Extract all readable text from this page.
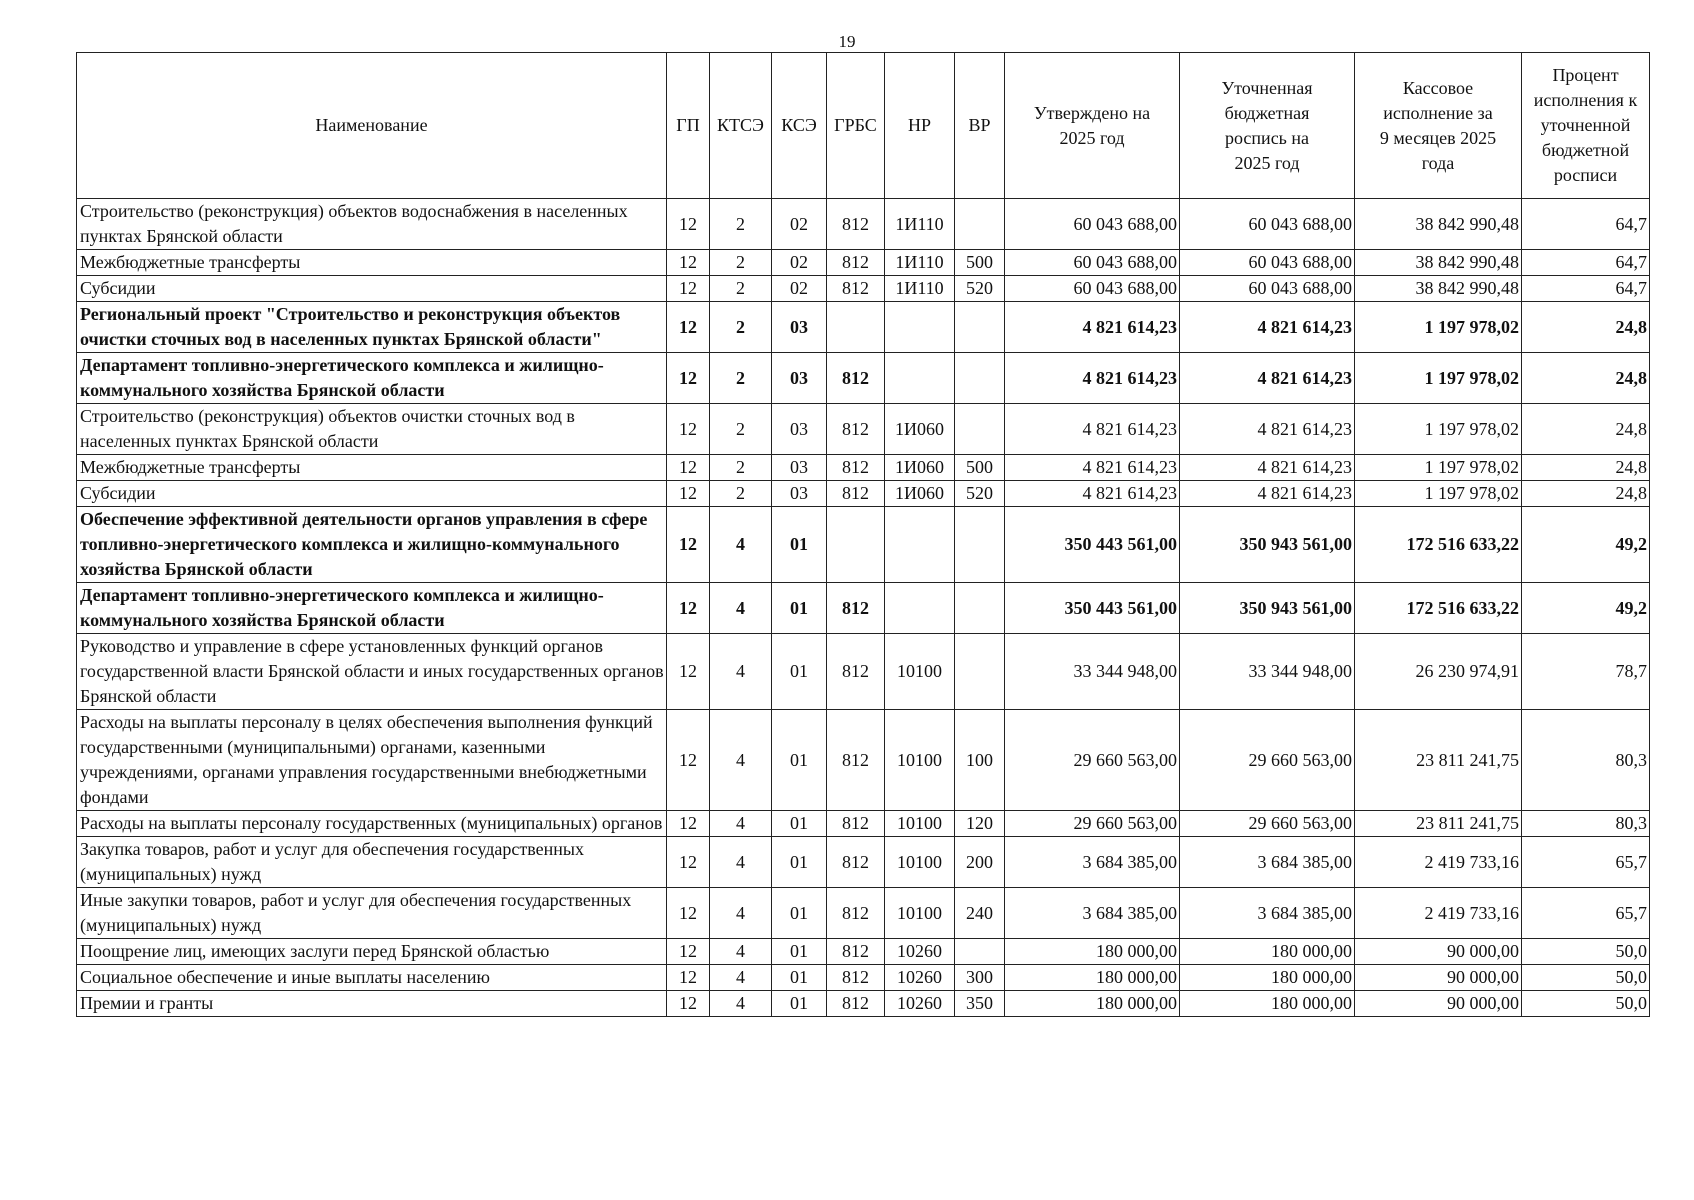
19
Наименование	ГП	КТСЭ	КСЭ	ГРБС	НР	ВР	Утверждено на 2025 год	Уточненная бюджетная роспись на 2025 год	Кассовое исполнение за 9 месяцев 2025 года	Процент исполнения к уточненной бюджетной росписи
Строительство (реконструкция) объектов водоснабжения в населенных пунктах Брянской области	12	2	02	812	1И110		60 043 688,00	60 043 688,00	38 842 990,48	64,7
Межбюджетные трансферты	12	2	02	812	1И110	500	60 043 688,00	60 043 688,00	38 842 990,48	64,7
Субсидии	12	2	02	812	1И110	520	60 043 688,00	60 043 688,00	38 842 990,48	64,7
Региональный проект "Строительство и реконструкция объектов очистки сточных вод в населенных пунктах Брянской области"	12	2	03				4 821 614,23	4 821 614,23	1 197 978,02	24,8
Департамент топливно-энергетического комплекса и жилищно-коммунального хозяйства Брянской области	12	2	03	812			4 821 614,23	4 821 614,23	1 197 978,02	24,8
Строительство (реконструкция) объектов очистки сточных вод в населенных пунктах Брянской области	12	2	03	812	1И060		4 821 614,23	4 821 614,23	1 197 978,02	24,8
Межбюджетные трансферты	12	2	03	812	1И060	500	4 821 614,23	4 821 614,23	1 197 978,02	24,8
Субсидии	12	2	03	812	1И060	520	4 821 614,23	4 821 614,23	1 197 978,02	24,8
Обеспечение эффективной деятельности органов управления в сфере топливно-энергетического комплекса и жилищно-коммунального хозяйства Брянской области	12	4	01				350 443 561,00	350 943 561,00	172 516 633,22	49,2
Департамент топливно-энергетического комплекса и жилищно-коммунального хозяйства Брянской области	12	4	01	812			350 443 561,00	350 943 561,00	172 516 633,22	49,2
Руководство и управление в сфере установленных функций органов государственной власти Брянской области и иных государственных органов Брянской области	12	4	01	812	10100		33 344 948,00	33 344 948,00	26 230 974,91	78,7
Расходы на выплаты персоналу в целях обеспечения выполнения функций государственными (муниципальными) органами, казенными учреждениями, органами управления государственными внебюджетными фондами	12	4	01	812	10100	100	29 660 563,00	29 660 563,00	23 811 241,75	80,3
Расходы на выплаты персоналу государственных (муниципальных) органов	12	4	01	812	10100	120	29 660 563,00	29 660 563,00	23 811 241,75	80,3
Закупка товаров, работ и услуг для обеспечения государственных (муниципальных) нужд	12	4	01	812	10100	200	3 684 385,00	3 684 385,00	2 419 733,16	65,7
Иные закупки товаров, работ и услуг для обеспечения государственных (муниципальных) нужд	12	4	01	812	10100	240	3 684 385,00	3 684 385,00	2 419 733,16	65,7
Поощрение лиц, имеющих заслуги перед Брянской областью	12	4	01	812	10260		180 000,00	180 000,00	90 000,00	50,0
Социальное обеспечение и иные выплаты населению	12	4	01	812	10260	300	180 000,00	180 000,00	90 000,00	50,0
Премии и гранты	12	4	01	812	10260	350	180 000,00	180 000,00	90 000,00	50,0
